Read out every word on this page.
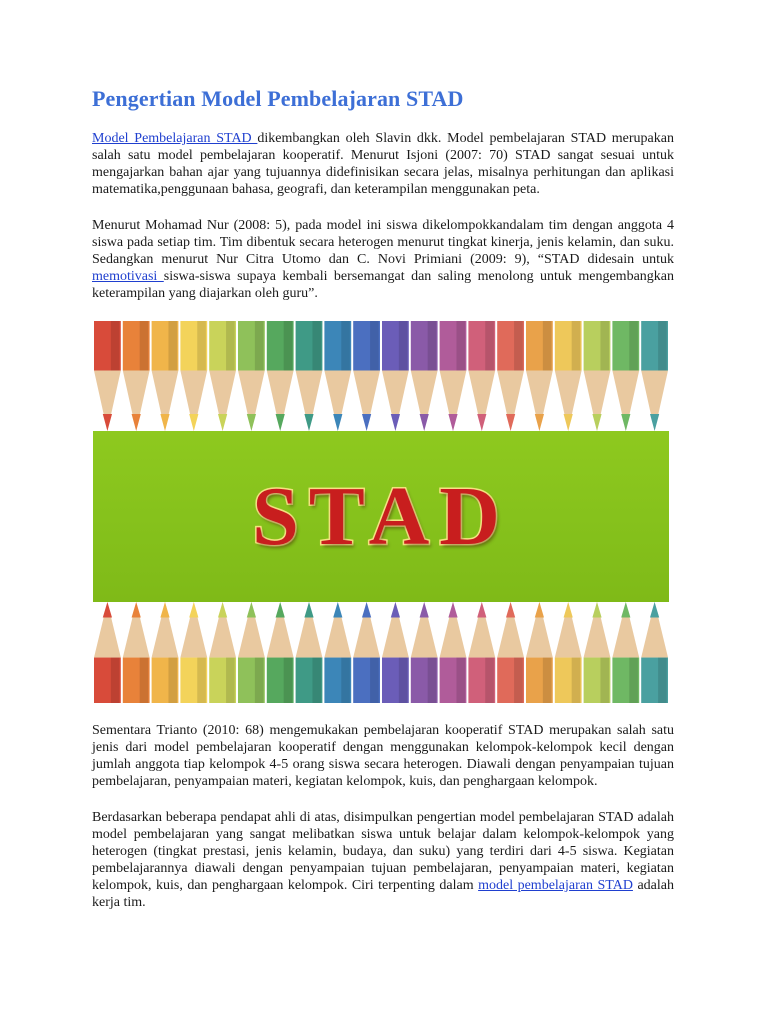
Pengertian Model Pembelajaran STAD

Model Pembelajaran STAD dikembangkan oleh Slavin dkk. Model pembelajaran STAD merupakan salah satu model pembelajaran kooperatif. Menurut Isjoni (2007: 70) STAD sangat sesuai untuk mengajarkan bahan ajar yang tujuannya didefinisikan secara jelas, misalnya perhitungan dan aplikasi matematika,penggunaan bahasa, geografi, dan keterampilan menggunakan peta.

Menurut Mohamad Nur (2008: 5), pada model ini siswa dikelompokkandalam tim dengan anggota 4 siswa pada setiap tim. Tim dibentuk secara heterogen menurut tingkat kinerja, jenis kelamin, dan suku. Sedangkan menurut Nur Citra Utomo dan C. Novi Primiani (2009: 9), “STAD didesain untuk memotivasi siswa-siswa supaya kembali bersemangat dan saling menolong untuk mengembangkan keterampilan yang diajarkan oleh guru”.

STAD

Sementara Trianto (2010: 68) mengemukakan pembelajaran kooperatif STAD merupakan salah satu jenis dari model pembelajaran kooperatif dengan menggunakan kelompok-kelompok kecil dengan jumlah anggota tiap kelompok 4-5 orang siswa secara heterogen. Diawali dengan penyampaian tujuan pembelajaran, penyampaian materi, kegiatan kelompok, kuis, dan penghargaan kelompok.

Berdasarkan beberapa pendapat ahli di atas, disimpulkan pengertian model pembelajaran STAD adalah model pembelajaran yang sangat melibatkan siswa untuk belajar dalam kelompok-kelompok yang heterogen (tingkat prestasi, jenis kelamin, budaya, dan suku) yang terdiri dari 4-5 siswa. Kegiatan pembelajarannya diawali dengan penyampaian tujuan pembelajaran, penyampaian materi, kegiatan kelompok, kuis, dan penghargaan kelompok. Ciri terpenting dalam model pembelajaran STAD adalah kerja tim.
